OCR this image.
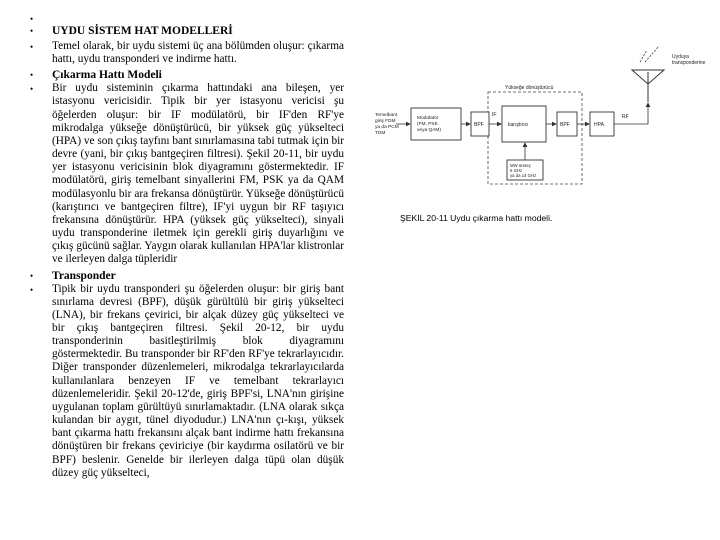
•
• UYDU SİSTEM HAT MODELLERİ
• Temel olarak, bir uydu sistemi üç ana bölümden oluşur: çıkarma hattı, uydu transponderi ve indirme hattı.
• Çıkarma Hattı Modeli
• Bir uydu sisteminin çıkarma hattındaki ana bileşen, yer istasyonu vericisidir. Tipik bir yer istasyonu vericisi şu öğelerden oluşur: bir IF modülatörü, bir IF'den RF'ye mikrodalga yükseğe dönüştürücü, bir yüksek güç yükselteci (HPA) ve son çıkış tayfını bant sınırlamasına tabi tutmak için bir devre (yani, bir çıkış bantgeçiren filtresi). Şekil 20-11, bir uydu yer istasyonu vericisinin blok diyagramını göstermektedir. IF modülatörü, giriş temelbant sinyallerini FM, PSK ya da QAM modülasyonlu bir ara frekansa dönüştürür. Yükseğe dönüştürücü (karıştırıcı ve bantgeçiren filtre), IF'yi uygun bir RF taşıyıcı frekansına dönüştürür. HPA (yüksek güç yükselteci), sinyali uydu transponderine iletmek için gerekli giriş duyarlığını ve çıkış gücünü sağlar. Yaygın olarak kullanılan HPA'lar klistronlar ve ilerleyen dalga tüpleridir
• Transponder
• Tipik bir uydu transponderi şu öğelerden oluşur: bir giriş bant sınırlama devresi (BPF), düşük gürültülü bir giriş yükselteci (LNA), bir frekans çevirici, bir alçak düzey güç yükselteci ve bir çıkış bantgeçiren filtresi. Şekil 20-12, bir uydu transponderinin basitleştirilmiş blok diyagramını göstermektedir. Bu transponder bir RF'den RF'ye tekrarlayıcıdır. Diğer transponder düzenlemeleri, mikrodalga tekrarlayıcılarda kullanılanlara benzeyen IF ve temelbant tekrarlayıcı düzenlemeleridir. Şekil 20-12'de, giriş BPF'si, LNA'nın girişine uygulanan toplam gürültüyü sınırlamaktadır. (LNA olarak sıkça kulandan bir aygıt, tünel diyodudur.) LNA'nın çı-kışı, yüksek bant çıkarma hattı frekansını alçak bant indirme hattı frekansına dönüştüren bir frekans çeviriciye (bir kaydırma osilatörü ve bir BPF) beslenir. Genelde bir ilerleyen dalga tüpü olan düşük düzey güç yükselteci,
Uyduya
transponderine
Yükseğe dönüştürücü
Temelbant
giriş FDM
ya da PCM
TDM
Modülatör
(FM, PSK
veya QAM)
BPF
IF
karıştırıcı	BPF	HPA
RF
MW üreteç
6 GHz
ya da 14 GHz
ŞEKİL 20-11 Uydu çıkarma hattı modeli.
